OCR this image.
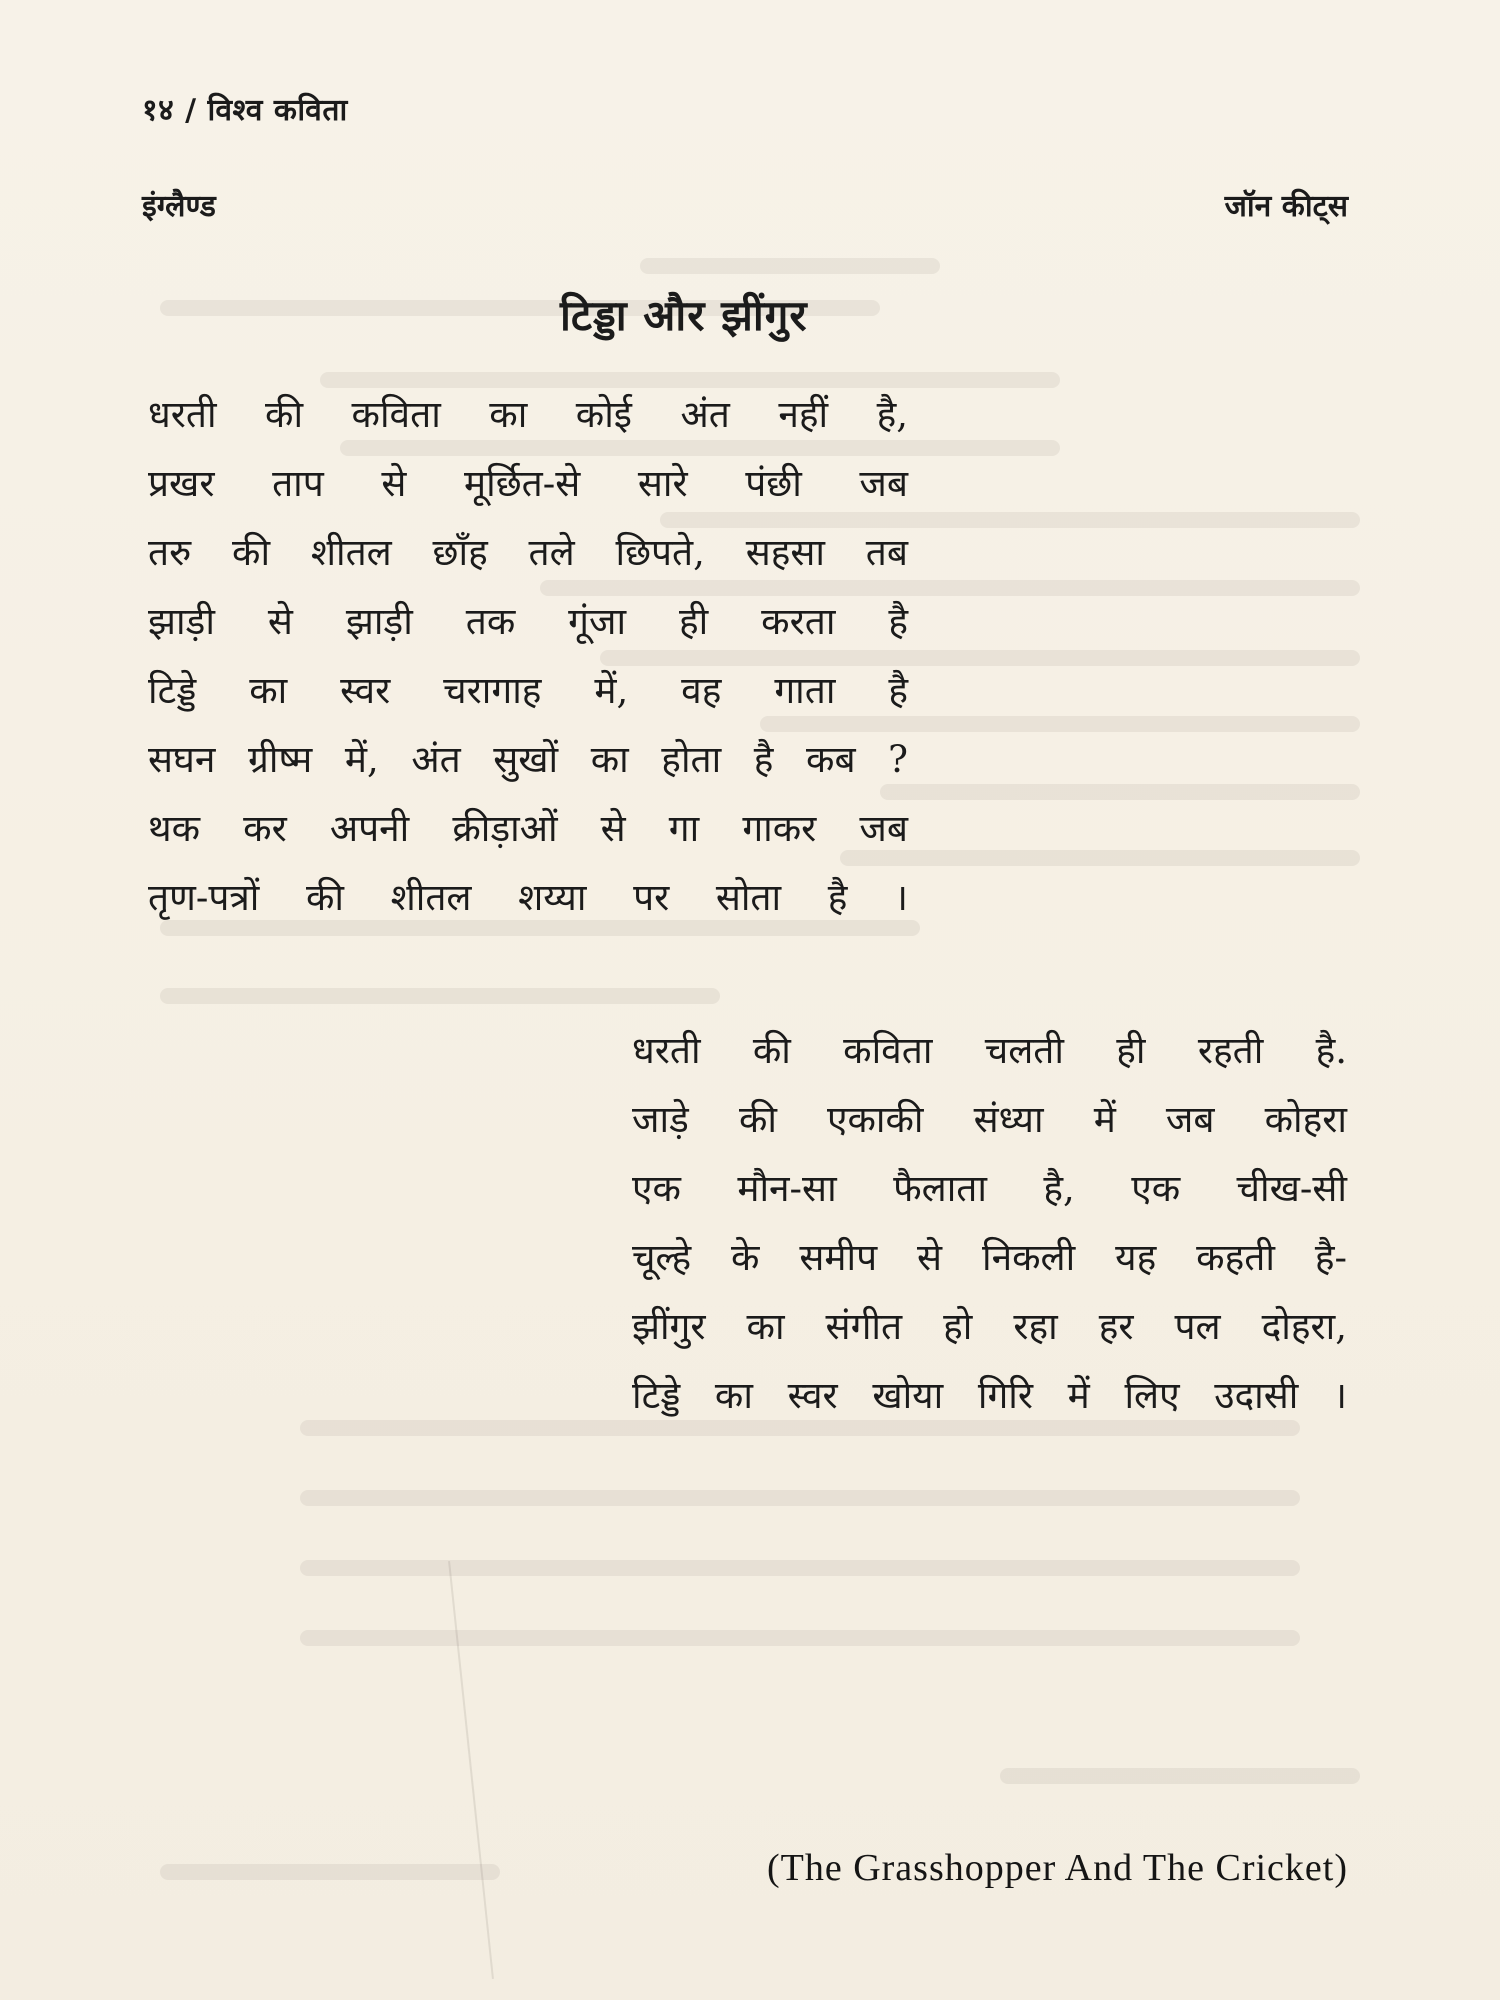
१४ / विश्व कविता
इंग्लैण्ड	जॉन कीट्स
टिड्डा और झींगुर
धरती की कविता का कोई अंत नहीं है,
प्रखर ताप से मूर्छित-से सारे पंछी जब
तरु की शीतल छाँह तले छिपते, सहसा तब
झाड़ी से झाड़ी तक गूंजा ही करता है
टिड्डे का स्वर चरागाह में, वह गाता है
सघन ग्रीष्म में, अंत सुखों का होता है कब ?
थक कर अपनी क्रीड़ाओं से गा गाकर जब
तृण-पत्रों की शीतल शय्या पर सोता है ।
धरती की कविता चलती ही रहती है.
जाड़े की एकाकी संध्या में जब कोहरा
एक मौन-सा फैलाता है, एक चीख-सी
चूल्हे के समीप से निकली यह कहती है-
झींगुर का संगीत हो रहा हर पल दोहरा,
टिड्डे का स्वर खोया गिरि में लिए उदासी ।
(The Grasshopper And The Cricket)
